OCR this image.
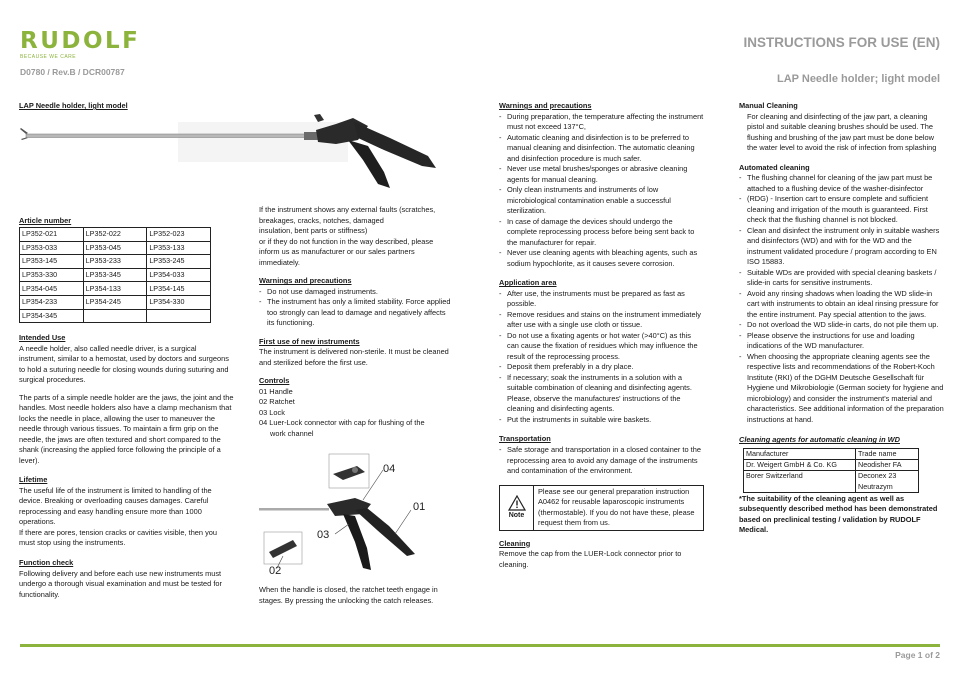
RUDOLF
BECAUSE WE CARE
INSTRUCTIONS FOR USE (EN)
D0780 / Rev.B / DCR00787
LAP Needle holder; light model
LAP Needle holder, light model
Article number
LP352-021	LP352-022	LP352-023
LP353-033	LP353-045	LP353-133
LP353-145	LP353-233	LP353-245
LP353-330	LP353-345	LP354-033
LP354-045	LP354-133	LP354-145
LP354-233	LP354-245	LP354-330
LP354-345		
Intended Use
A needle holder, also called needle driver, is a surgical instrument, similar to a hemostat, used by doctors and surgeons to hold a suturing needle for closing wounds during suturing and surgical procedures.
The parts of a simple needle holder are the jaws, the joint and the handles. Most needle holders also have a clamp mechanism that locks the needle in place, allowing the user to maneuver the needle through various tissues. To maintain a firm grip on the needle, the jaws are often textured and short compared to the shank (increasing the applied force following the principle of a lever).
Lifetime
The useful life of the instrument is limited to handling of the device. Breaking or overloading causes damages. Careful reprocessing and easy handling ensure more than 1000 operations.
If there are pores, tension cracks or cavities visible, then you must stop using the instruments.
Function check
Following delivery and before each use new instruments must undergo a thorough visual examination and must be tested for functionality.
If the instrument shows any external faults (scratches, breakages, cracks, notches, damaged
insulation, bent parts or stiffness)
or if they do not function in the way described, please inform us as manufacturer or our sales partners immediately.
Warnings and precautions
- Do not use damaged instruments.
- The instrument has only a limited stability. Force applied too strongly can lead to damage and negatively affects its functioning.
First use of new instruments
The instrument is delivered non-sterile. It must be cleaned and sterilized before the first use.
Controls
01 Handle
02 Ratchet
03 Lock
04 Luer-Lock connector with cap for flushing of the
work channel
04
01
03
02
When the handle is closed, the ratchet teeth engage in stages. By pressing the unlocking the catch releases.
Warnings and precautions
- During preparation, the temperature affecting the instrument must not exceed 137°C,
- Automatic cleaning and disinfection is to be preferred to manual cleaning and disinfection. The automatic cleaning and disinfection procedure is much safer.
- Never use metal brushes/sponges or abrasive cleaning agents for manual cleaning.
- Only clean instruments and instruments of low microbiological contamination enable a successful sterilization.
- In case of damage the devices should undergo the complete reprocessing process before being sent back to the manufacturer for repair.
- Never use cleaning agents with bleaching agents, such as sodium hypochlorite, as it causes severe corrosion.
Application area
- After use, the instruments must be prepared as fast as possible.
- Remove residues and stains on the instrument immediately after use with a single use cloth or tissue.
- Do not use a fixating agents or hot water (>40°C) as this can cause the fixation of residues which may influence the result of the reprocessing process.
- Deposit them preferably in a dry place.
- If necessary; soak the instruments in a solution with a suitable combination of cleaning and disinfecting agents. Please, observe the manufactures' instructions of the cleaning and disinfecting agents.
- Put the instruments in suitable wire baskets.
Transportation
- Safe storage and transportation in a closed container to the reprocessing area to avoid any damage of the instruments and contamination of the environment.
Note
Please see our general preparation instruction A0462 for reusable laparoscopic instruments (thermostable). If you do not have these, please request them from us.
Cleaning
Remove the cap from the LUER-Lock connector prior to cleaning.
Manual Cleaning
For cleaning and disinfecting of the jaw part, a cleaning pistol and suitable cleaning brushes should be used. The flushing and brushing of the jaw part must be done below the water level to avoid the risk of infection from splashing
Automated cleaning
- The flushing channel for cleaning of the jaw part must be attached to a flushing device of the washer-disinfector
- (RDG) - Insertion cart to ensure complete and sufficient cleaning and irrigation of the mouth is guaranteed. First check that the flushing channel is not blocked.
- Clean and disinfect the instrument only in suitable washers and disinfectors (WD) and with for the WD and the instrument validated procedure / program according to EN ISO 15883.
- Suitable WDs are provided with special cleaning baskets / slide-in carts for sensitive instruments.
- Avoid any rinsing shadows when loading the WD slide-in cart with instruments to obtain an ideal rinsing pressure for the entire instrument. Pay special attention to the jaws.
- Do not overload the WD slide-in carts, do not pile them up.
- Please observe the instructions for use and loading indications of the WD manufacturer.
- When choosing the appropriate cleaning agents see the respective lists and recommendations of the Robert-Koch Institute (RKI) of the DGHM Deutsche Gesellschaft für Hygiene und Mikrobiologie (German society for hygiene and microbiology) and consider the instrument's material and characteristics. See additional information of the preparation instructions at hand.
Cleaning agents for automatic cleaning in WD
Manufacturer	Trade name
Dr. Weigert GmbH & Co. KG	Neodisher FA
Borer Switzerland	Deconex 23 Neutrazym
*The suitability of the cleaning agent as well as subsequently described method has been demonstrated based on preclinical testing / validation by RUDOLF Medical.
Page 1 of 2
